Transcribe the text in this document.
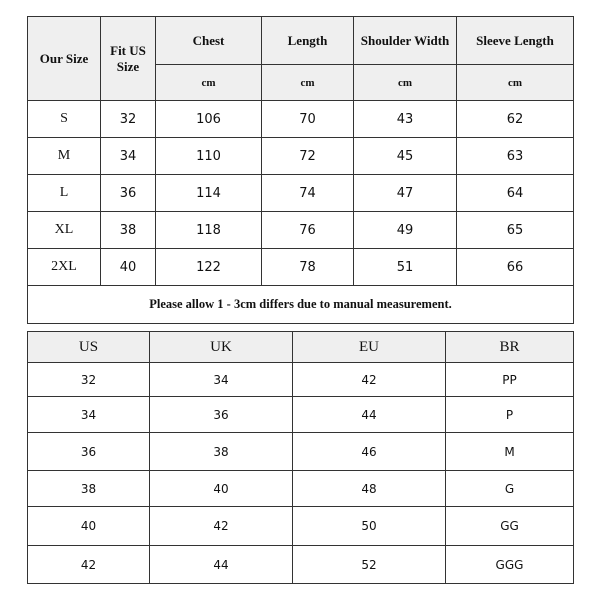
Our Size	Fit US Size	Chest	Length	Shoulder Width	Sleeve Length
		cm	cm	cm	cm
S	32	106	70	43	62
M	34	110	72	45	63
L	36	114	74	47	64
XL	38	118	76	49	65
2XL	40	122	78	51	66
Please allow 1 - 3cm differs due to manual measurement.					
US	UK	EU	BR
32	34	42	PP
34	36	44	P
36	38	46	M
38	40	48	G
40	42	50	GG
42	44	52	GGG
